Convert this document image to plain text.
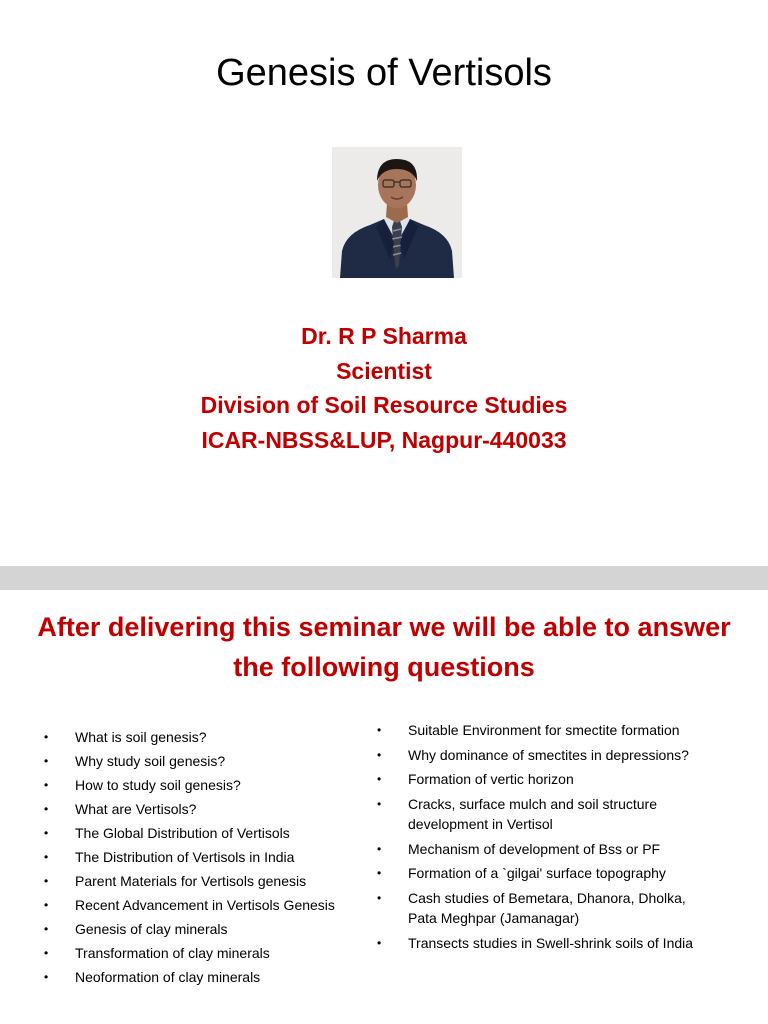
Genesis of Vertisols
Dr. R P Sharma
Scientist
Division of Soil Resource Studies
ICAR-NBSS&LUP, Nagpur-440033
After delivering this seminar we will be able to answer the following questions
• What is soil genesis?
• Why study soil genesis?
• How to study soil genesis?
• What are Vertisols?
• The Global Distribution of Vertisols
• The Distribution of Vertisols in India
• Parent Materials for Vertisols genesis
• Recent Advancement in Vertisols Genesis
• Genesis of clay minerals
• Transformation of clay minerals
• Neoformation of clay minerals
• Suitable Environment for smectite formation
• Why dominance of smectites in depressions?
• Formation of vertic horizon
• Cracks, surface mulch and soil structure development in Vertisol
• Mechanism of development of Bss or PF
• Formation of a `gilgai' surface topography
• Cash studies of Bemetara, Dhanora, Dholka, Pata Meghpar (Jamanagar)
• Transects studies in Swell-shrink soils of India
